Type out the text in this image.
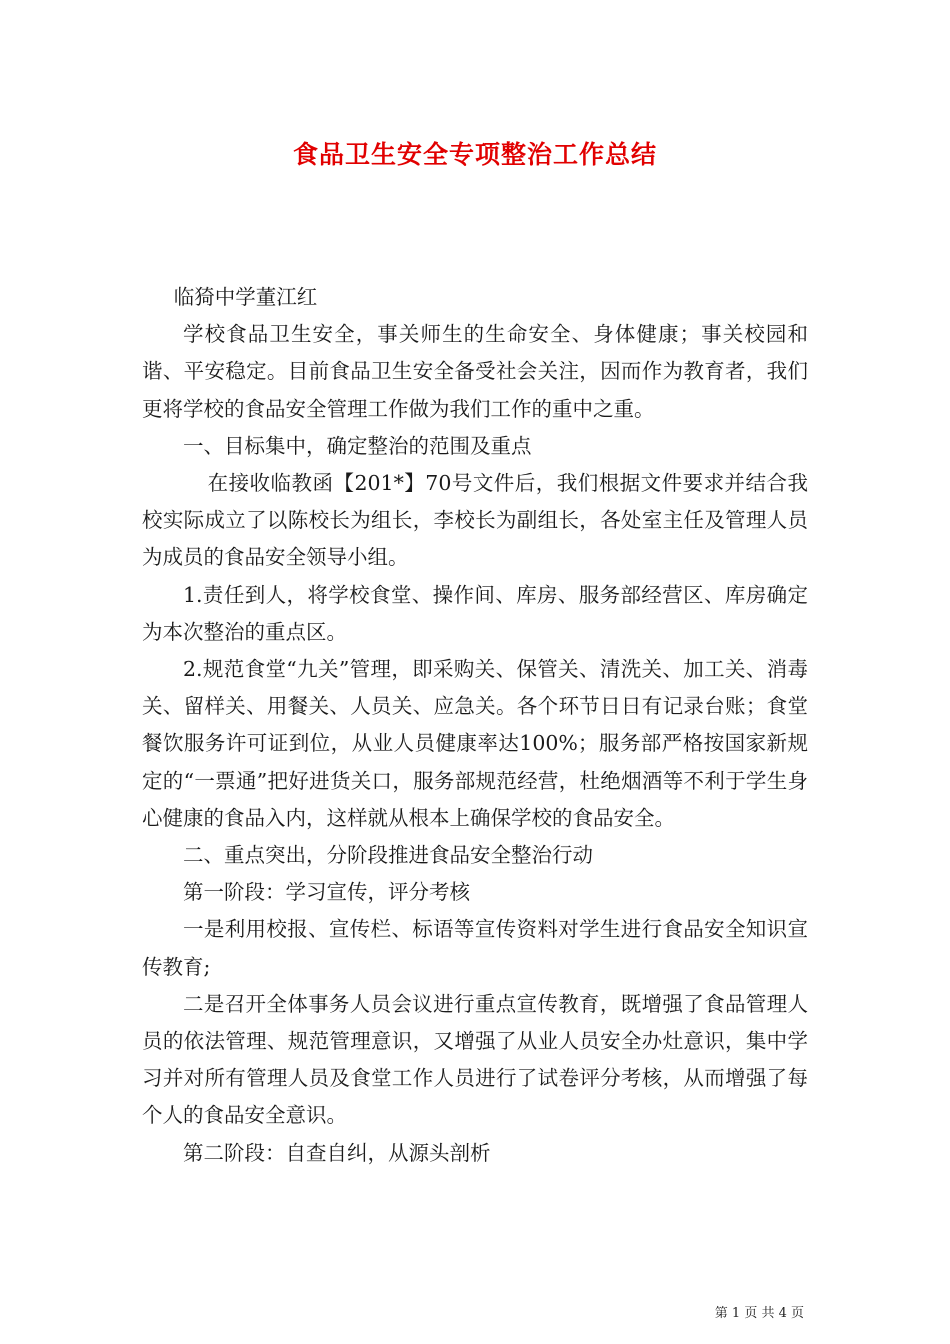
食品卫生安全专项整治工作总结

临猗中学董江红

学校食品卫生安全，事关师生的生命安全、身体健康；事关校园和谐、平安稳定。目前食品卫生安全备受社会关注，因而作为教育者，我们更将学校的食品安全管理工作做为我们工作的重中之重。

一、目标集中，确定整治的范围及重点

在接收临教函【201*】70号文件后，我们根据文件要求并结合我校实际成立了以陈校长为组长，李校长为副组长，各处室主任及管理人员为成员的食品安全领导小组。

1.责任到人，将学校食堂、操作间、库房、服务部经营区、库房确定为本次整治的重点区。

2.规范食堂“九关”管理，即采购关、保管关、清洗关、加工关、消毒关、留样关、用餐关、人员关、应急关。各个环节日日有记录台账；食堂餐饮服务许可证到位，从业人员健康率达100%；服务部严格按国家新规定的“一票通”把好进货关口，服务部规范经营，杜绝烟酒等不利于学生身心健康的食品入内，这样就从根本上确保学校的食品安全。

二、重点突出，分阶段推进食品安全整治行动

第一阶段：学习宣传，评分考核

一是利用校报、宣传栏、标语等宣传资料对学生进行食品安全知识宣传教育;

二是召开全体事务人员会议进行重点宣传教育，既增强了食品管理人员的依法管理、规范管理意识，又增强了从业人员安全办灶意识，集中学习并对所有管理人员及食堂工作人员进行了试卷评分考核，从而增强了每个人的食品安全意识。

第二阶段：自查自纠，从源头剖析

第 1 页 共 4 页
